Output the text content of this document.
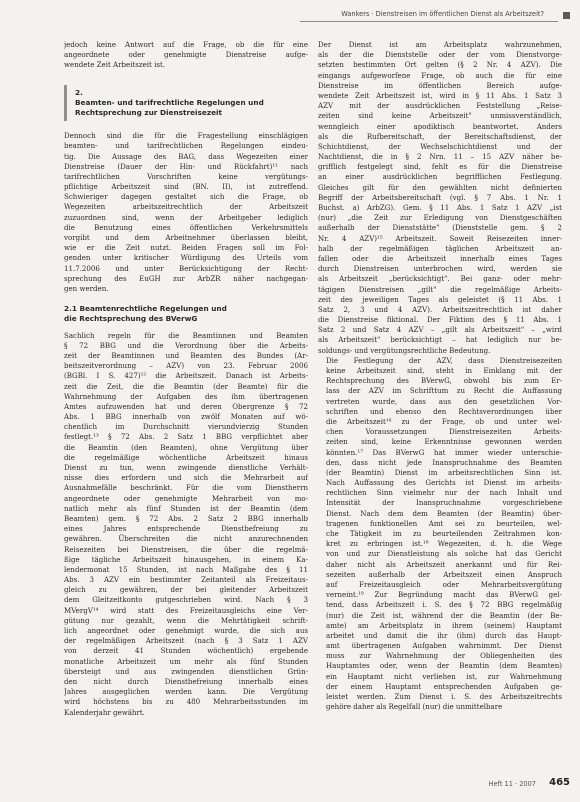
Wankers · Dienstreisen im öffentlichen Dienst als Arbeitszeit?

jedoch keine Antwort auf die Frage, ob die für eine
angeordnete oder genehmigte Dienstreise aufge-
wendete Zeit Arbeitszeit ist.

2.
Beamten- und tarifrechtliche Regelungen und
Rechtsprechung zur Dienstreisezeit

Dennoch sind die für die Fragestellung einschlägigen
beamten- und tarifrechtlichen Regelungen eindeu-
tig. Die Aussage des BAG, dass Wegezeiten einer
Dienstreise (Dauer der Hin- und Rückfahrt)¹¹ nach
tarifrechtlichen Vorschriften keine vergütungs-
pflichtige Arbeitszeit sind (BN. II), ist zutreffend.
Schwieriger dagegen gestaltet sich die Frage, ob
Wegezeiten arbeitszeitrechtlich der Arbeitszeit
zuzuordnen sind, wenn der Arbeitgeber lediglich
die Benutzung eines öffentlichen Verkehrsmittels
vorgibt und dem Arbeitnehmer überlassen bleibt,
wie er die Zeit nutzt. Beiden Fragen soll im Fol-
genden unter kritischer Würdigung des Urteils vom
11.7.2006 und unter Berücksichtigung der Recht-
sprechung des EuGH zur ArbZR näher nachgegan-
gen werden.

2.1 Beamtenrechtliche Regelungen und
die Rechtsprechung des BVerwG

Sachlich regeln für die Beamtinnen und Beamten
§ 72 BBG und die Verordnung über die Arbeits-
zeit der Beamtinnen und Beamten des Bundes (Ar-
beitszeitverordnung – AZV) von 23. Februar 2006
(BGBl. I S. 427)¹² die Arbeitszeit. Danach ist Arbeits-
zeit die Zeit, die die Beamtin (der Beamte) für die
Wahrnehmung der Aufgaben des ihm übertragenen
Amtes aufzuwenden hat und deren Obergrenze § 72
Abs. 1 BBG innerhalb von zwölf Monaten auf wö-
chentlich im Durchschnitt vierundvierzig Stunden
festlegt.¹³ § 72 Abs. 2 Satz 1 BBG verpflichtet aber
die Beamtin (den Beamten), ohne Vergütung über
die regelmäßige wöchentliche Arbeitszeit hinaus
Dienst zu tun, wenn zwingende dienstliche Verhält-
nisse dies erfordern und sich die Mehrarbeit auf
Ausnahmefälle beschränkt. Für die vom Dienstherrn
angeordnete oder genehmigte Mehrarbeit von mo-
natlich mehr als fünf Stunden ist der Beamtin (dem
Beamten) gem. § 72 Abs. 2 Satz 2 BBG innerhalb
eines Jahres entsprechende Dienstbefreiung zu
gewähren. Überschreiten die nicht anzurechnenden
Reisezeiten bei Dienstreisen, die über die regelmä-
ßige tägliche Arbeitszeit hinausgehen, in einem Ka-
lendermonat 15 Stunden, ist nach Maßgabe des § 11
Abs. 3 AZV ein bestimmter Zeitanteil als Freizeitaus-
gleich zu gewähren, der bei gleitender Arbeitszeit
dem Gleitzeitkonto gutgeschrieben wird. Nach § 3
MVergV¹⁴ wird statt des Freizeitausgleichs eine Ver-
gütung nur gezahlt, wenn die Mehrtätigkeit schrift-
lich angeordnet oder genehmigt wurde, die sich aus
der regelmäßigen Arbeitszeit (nach § 3 Satz 1 AZV
von derzeit 41 Stunden wöchentlich) ergebende
monatliche Arbeitszeit um mehr als fünf Stunden
übersteigt und aus zwingenden dienstlichen Grün-
den nicht durch Dienstbefreiung innerhalb eines
Jahres ausgeglichen werden kann. Die Vergütung
wird höchstens bis zu 480 Mehrarbeitsstunden im
Kalenderjahr gewährt.

Der Dienst ist am Arbeitsplatz wahrzunehmen,
als der die Dienststelle oder der vom Dienstvorge-
setzten bestimmten Ort gelten (§ 2 Nr. 4 AZV). Die
eingangs aufgeworfene Frage, ob auch die für eine
Dienstreise im öffentlichen Bereich aufge-
wendete Zeit Arbeitszeit ist, wird in § 11 Abs. 1 Satz 3
AZV mit der ausdrücklichen Feststellung „Reise-
zeiten sind keine Arbeitszeit" unmissverständlich,
wenngleich einer apodiktisch beantwortet. Anders
als die Rufbereitschaft, der Bereitschaftsdienst, der
Schichtdienst, der Wechselschichtdienst und der
Nachtdienst, die in § 2 Nrn. 11 – 15 AZV näher be-
grifflich festgelegt sind, fehlt es für die Dienstreise
an einer ausdrücklichen begrifflichen Festlegung.
Gleiches gilt für den gewählten nicht definierten
Begriff der Arbeitsbereitschaft (vgl. § 7 Abs. 1 Nr. 1
Buchst. a) ArbZG). Gem. § 11 Abs. 1 Satz 1 AZV „ist
(nur) „die Zeit zur Erledigung von Dienstgeschäften
außerhalb der Dienststätte" (Dienststelle gem. § 2
Nr. 4 AZV)¹⁵ Arbeitszeit. Soweit Reisezeiten inner-
halb der regelmäßigen täglichen Arbeitszeit an-
fallen oder die Arbeitszeit innerhalb eines Tages
durch Dienstreisen unterbrochen wird, werden sie
als Arbeitszeit „berücksichtigt". Bei ganz- oder mehr-
tägigen Dienstreisen „gilt" die regelmäßige Arbeits-
zeit des jeweiligen Tages als geleistet (§ 11 Abs. 1
Satz 2, 3 und 4 AZV). Arbeitszeitrechtlich ist daher
die Dienstreise fiktional. Der Fiktion des § 11 Abs. 1
Satz 2 und Satz 4 AZV – „gilt als Arbeitszeit" – „wird
als Arbeitszeit" berücksichtigt – hat lediglich nur be-
soldungs- und vergütungsrechtliche Bedeutung.

Die Festlegung der AZV, dass Dienstreisezeiten
keine Arbeitszeit sind, steht in Einklang mit der
Rechtsprechung des BVerwG, obwohl bis zum Er-
lass der AZV im Schrifttum zu Recht die Auffassung
vertreten wurde, dass aus den gesetzlichen Vor-
schriften und ebenso den Rechtsverordnungen über
die Arbeitszeit¹⁶ zu der Frage, ob und unter wel-
chen Voraussetzungen Dienstreisezeiten Arbeits-
zeiten sind, keine Erkenntnisse gewonnen werden
könnten.¹⁷ Das BVerwG hat immer wieder unterschie-
den, dass nicht jede Inanspruchnahme des Beamten
(der Beamtin) Dienst im arbeitsrechtlichen Sinn ist.
Nach Auffassung des Gerichts ist Dienst im arbeits-
rechtlichen Sinn vielmehr nur der nach Inhalt und
Intensität der Inanspruchnahme vorgeschriebene
Dienst. Nach dem dem Beamten (der Beamtin) über-
tragenen funktionellen Amt sei zu beurteilen, wel-
che Tätigkeit im zu beurteilenden Zeitrahmen kon-
kret zu erbringen ist.¹⁸ Wegezeiten, d. h. die Wege
von und zur Dienstleistung als solche hat das Gericht
daher nicht als Arbeitszeit anerkannt und für Rei-
sezeiten außerhalb der Arbeitszeit einen Anspruch
auf Freizeitausgleich oder Mehrarbeitsvergütung
verneint.¹⁹ Zur Begründung macht das BVerwG gel-
tend, dass Arbeitszeit i. S. des § 72 BBG regelmäßig
(nur) die Zeit ist, während der die Beamtin (der Be-
amte) am Arbeitsplatz in ihrem (seinem) Hauptamt
arbeitet und damit die ihr (ihm) durch das Haupt-
amt übertragenen Aufgaben wahrnimmt. Der Dienst
muss zur Wahrnehmung der Obliegenheiten des
Hauptamtes oder, wenn der Beamtin (dem Beamten)
ein Hauptamt nicht verliehen ist, zur Wahrnehmung
der einem Hauptamt entsprechenden Aufgaben ge-
leistet werden. Zum Dienst i. S. des Arbeitszeitrechts
gehöre daher als Regelfall (nur) die unmittelbare

Heft 11 · 2007 465
